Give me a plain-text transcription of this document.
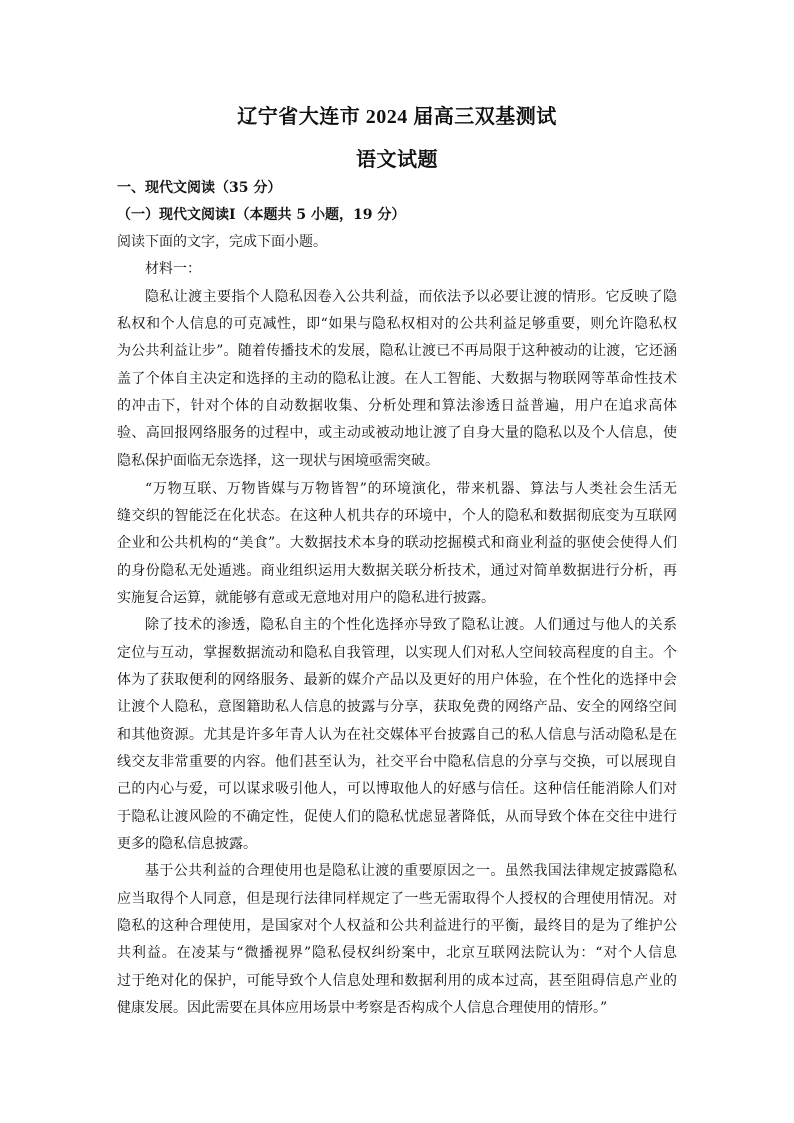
辽宁省大连市 2024 届高三双基测试
语文试题
一、现代文阅读（35 分）
（一）现代文阅读Ⅰ（本题共 5 小题，19 分）
阅读下面的文字，完成下面小题。
材料一：
隐私让渡主要指个人隐私因卷入公共利益，而依法予以必要让渡的情形。它反映了隐
私权和个人信息的可克减性，即“如果与隐私权相对的公共利益足够重要，则允许隐私权
为公共利益让步”。随着传播技术的发展，隐私让渡已不再局限于这种被动的让渡，它还涵
盖了个体自主决定和选择的主动的隐私让渡。在人工智能、大数据与物联网等革命性技术
的冲击下，针对个体的自动数据收集、分析处理和算法渗透日益普遍，用户在追求高体
验、高回报网络服务的过程中，或主动或被动地让渡了自身大量的隐私以及个人信息，使
隐私保护面临无奈选择，这一现状与困境亟需突破。
“万物互联、万物皆媒与万物皆智”的环境演化，带来机器、算法与人类社会生活无
缝交织的智能泛在化状态。在这种人机共存的环境中，个人的隐私和数据彻底变为互联网
企业和公共机构的“美食”。大数据技术本身的联动挖掘模式和商业利益的驱使会使得人们
的身份隐私无处遁逃。商业组织运用大数据关联分析技术，通过对简单数据进行分析，再
实施复合运算，就能够有意或无意地对用户的隐私进行披露。
除了技术的渗透，隐私自主的个性化选择亦导致了隐私让渡。人们通过与他人的关系
定位与互动，掌握数据流动和隐私自我管理，以实现人们对私人空间较高程度的自主。个
体为了获取便利的网络服务、最新的媒介产品以及更好的用户体验，在个性化的选择中会
让渡个人隐私，意图籍助私人信息的披露与分享，获取免费的网络产品、安全的网络空间
和其他资源。尤其是许多年青人认为在社交媒体平台披露自己的私人信息与活动隐私是在
线交友非常重要的内容。他们甚至认为，社交平台中隐私信息的分享与交换，可以展现自
己的内心与爱，可以谋求吸引他人，可以博取他人的好感与信任。这种信任能消除人们对
于隐私让渡风险的不确定性，促使人们的隐私忧虑显著降低，从而导致个体在交往中进行
更多的隐私信息披露。
基于公共利益的合理使用也是隐私让渡的重要原因之一。虽然我国法律规定披露隐私
应当取得个人同意，但是现行法律同样规定了一些无需取得个人授权的合理使用情况。对
隐私的这种合理使用，是国家对个人权益和公共利益进行的平衡，最终目的是为了维护公
共利益。在凌某与“微播视界”隐私侵权纠纷案中，北京互联网法院认为：“对个人信息
过于绝对化的保护，可能导致个人信息处理和数据利用的成本过高，甚至阻碍信息产业的
健康发展。因此需要在具体应用场景中考察是否构成个人信息合理使用的情形。”
